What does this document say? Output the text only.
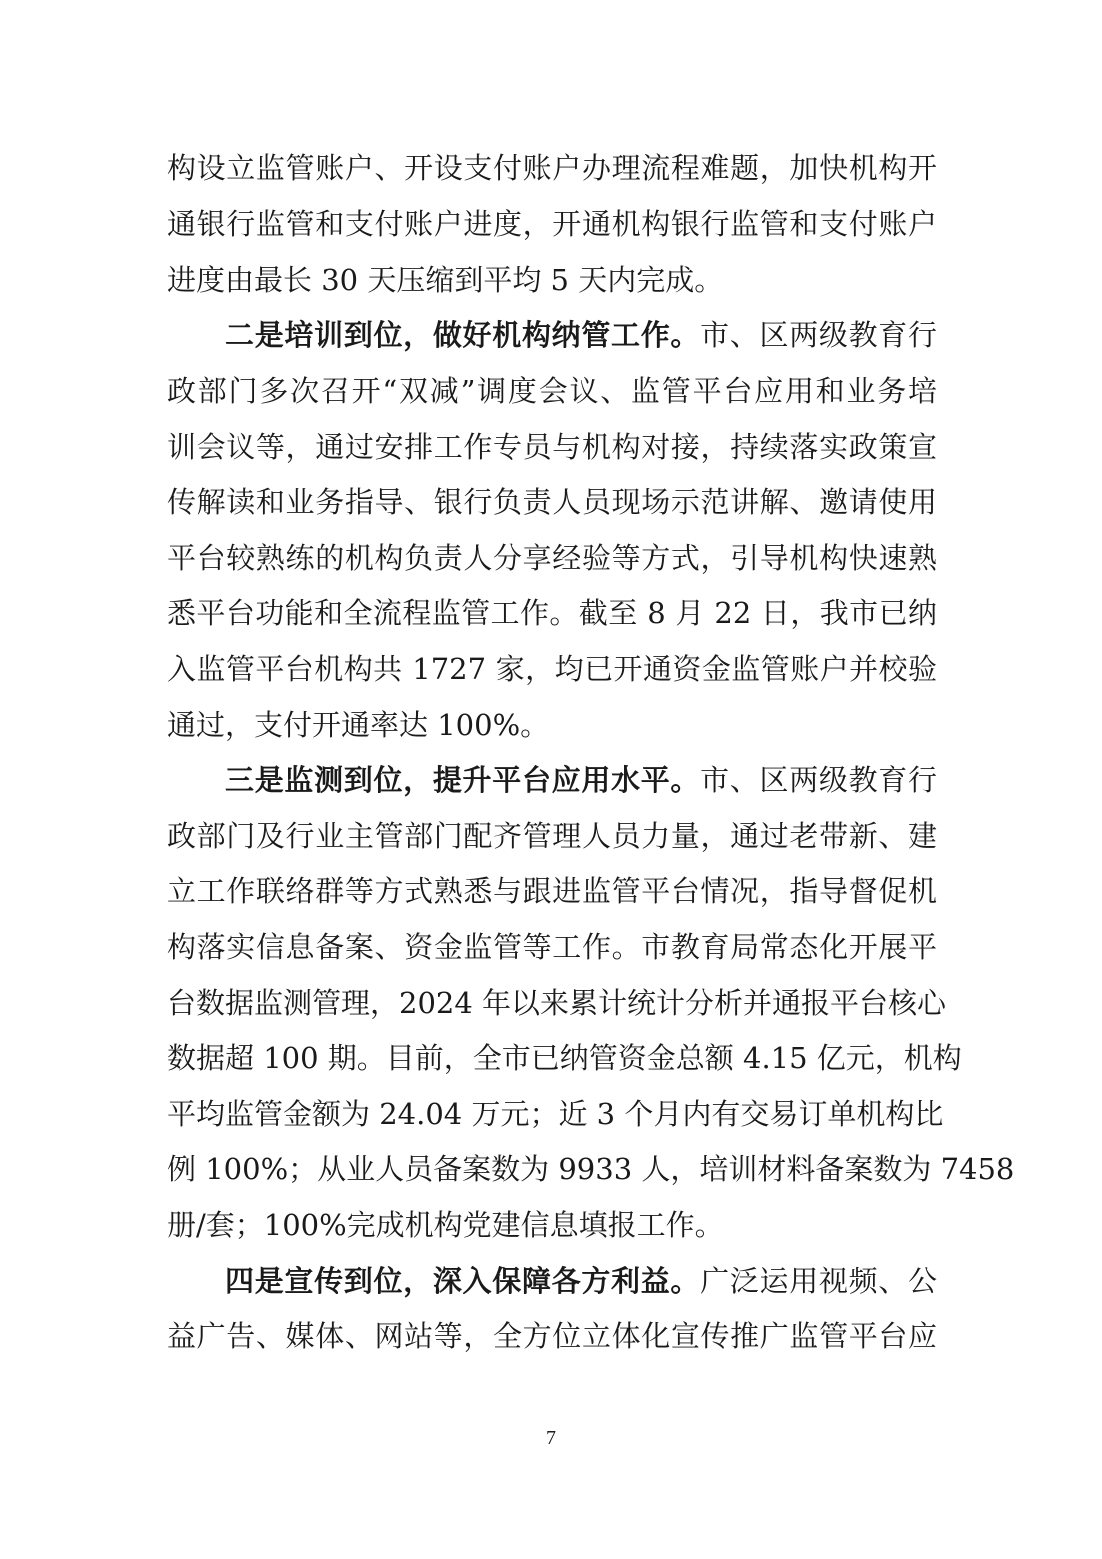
构设立监管账户、开设支付账户办理流程难题，加快机构开
通银行监管和支付账户进度，开通机构银行监管和支付账户
进度由最长 30 天压缩到平均 5 天内完成。
二是培训到位，做好机构纳管工作。市、区两级教育行
政部门多次召开“双减”调度会议、监管平台应用和业务培
训会议等，通过安排工作专员与机构对接，持续落实政策宣
传解读和业务指导、银行负责人员现场示范讲解、邀请使用
平台较熟练的机构负责人分享经验等方式，引导机构快速熟
悉平台功能和全流程监管工作。截至 8 月 22 日，我市已纳
入监管平台机构共 1727 家，均已开通资金监管账户并校验
通过，支付开通率达 100%。
三是监测到位，提升平台应用水平。市、区两级教育行
政部门及行业主管部门配齐管理人员力量，通过老带新、建
立工作联络群等方式熟悉与跟进监管平台情况，指导督促机
构落实信息备案、资金监管等工作。市教育局常态化开展平
台数据监测管理，2024 年以来累计统计分析并通报平台核心
数据超 100 期。目前，全市已纳管资金总额 4.15 亿元，机构
平均监管金额为 24.04 万元；近 3 个月内有交易订单机构比
例 100%；从业人员备案数为 9933 人，培训材料备案数为 7458
册/套；100%完成机构党建信息填报工作。
四是宣传到位，深入保障各方利益。广泛运用视频、公
益广告、媒体、网站等，全方位立体化宣传推广监管平台应
7
